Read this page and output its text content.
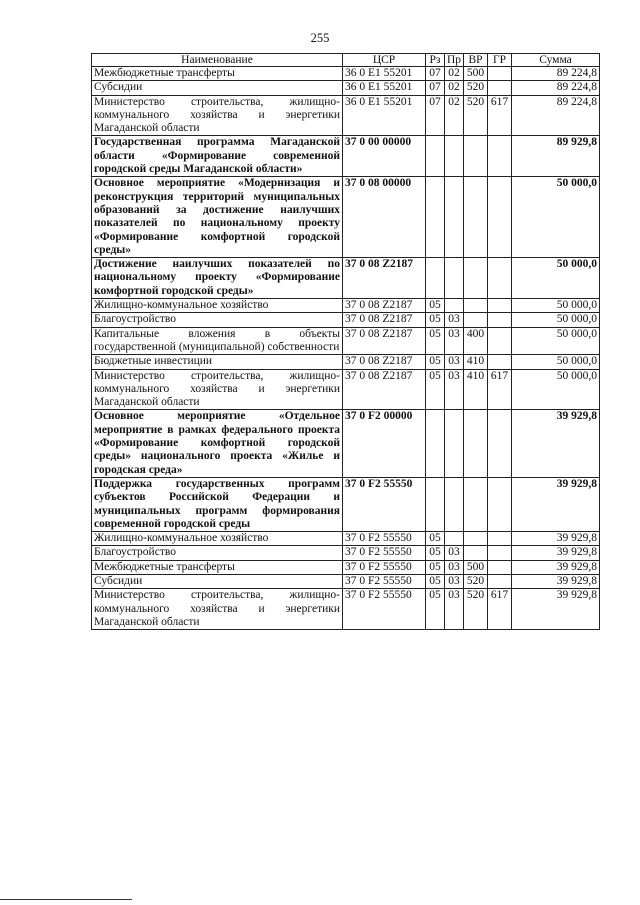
255
Наименование	ЦСР	Рз	Пр	ВР	ГР	Сумма
Межбюджетные трансферты	36 0 E1 55201	07	02	500		89 224,8
Субсидии	36 0 E1 55201	07	02	520		89 224,8
Министерство строительства, жилищно-коммунального хозяйства и энергетики Магаданской области	36 0 E1 55201	07	02	520	617	89 224,8
Государственная программа Магаданской области «Формирование современной городской среды Магаданской области»	37 0 00 00000					89 929,8
Основное мероприятие «Модернизация и реконструкция территорий муниципальных образований за достижение наилучших показателей по национальному проекту «Формирование комфортной городской среды»	37 0 08 00000					50 000,0
Достижение наилучших показателей по национальному проекту «Формирование комфортной городской среды»	37 0 08 Z2187					50 000,0
Жилищно-коммунальное хозяйство	37 0 08 Z2187	05				50 000,0
Благоустройство	37 0 08 Z2187	05	03			50 000,0
Капитальные вложения в объекты государственной (муниципальной) собственности	37 0 08 Z2187	05	03	400		50 000,0
Бюджетные инвестиции	37 0 08 Z2187	05	03	410		50 000,0
Министерство строительства, жилищно-коммунального хозяйства и энергетики Магаданской области	37 0 08 Z2187	05	03	410	617	50 000,0
Основное мероприятие «Отдельное мероприятие в рамках федерального проекта «Формирование комфортной городской среды» национального проекта «Жилье и городская среда»	37 0 F2 00000					39 929,8
Поддержка государственных программ субъектов Российской Федерации и муниципальных программ формирования современной городской среды	37 0 F2 55550					39 929,8
Жилищно-коммунальное хозяйство	37 0 F2 55550	05				39 929,8
Благоустройство	37 0 F2 55550	05	03			39 929,8
Межбюджетные трансферты	37 0 F2 55550	05	03	500		39 929,8
Субсидии	37 0 F2 55550	05	03	520		39 929,8
Министерство строительства, жилищно-коммунального хозяйства и энергетики Магаданской области	37 0 F2 55550	05	03	520	617	39 929,8
